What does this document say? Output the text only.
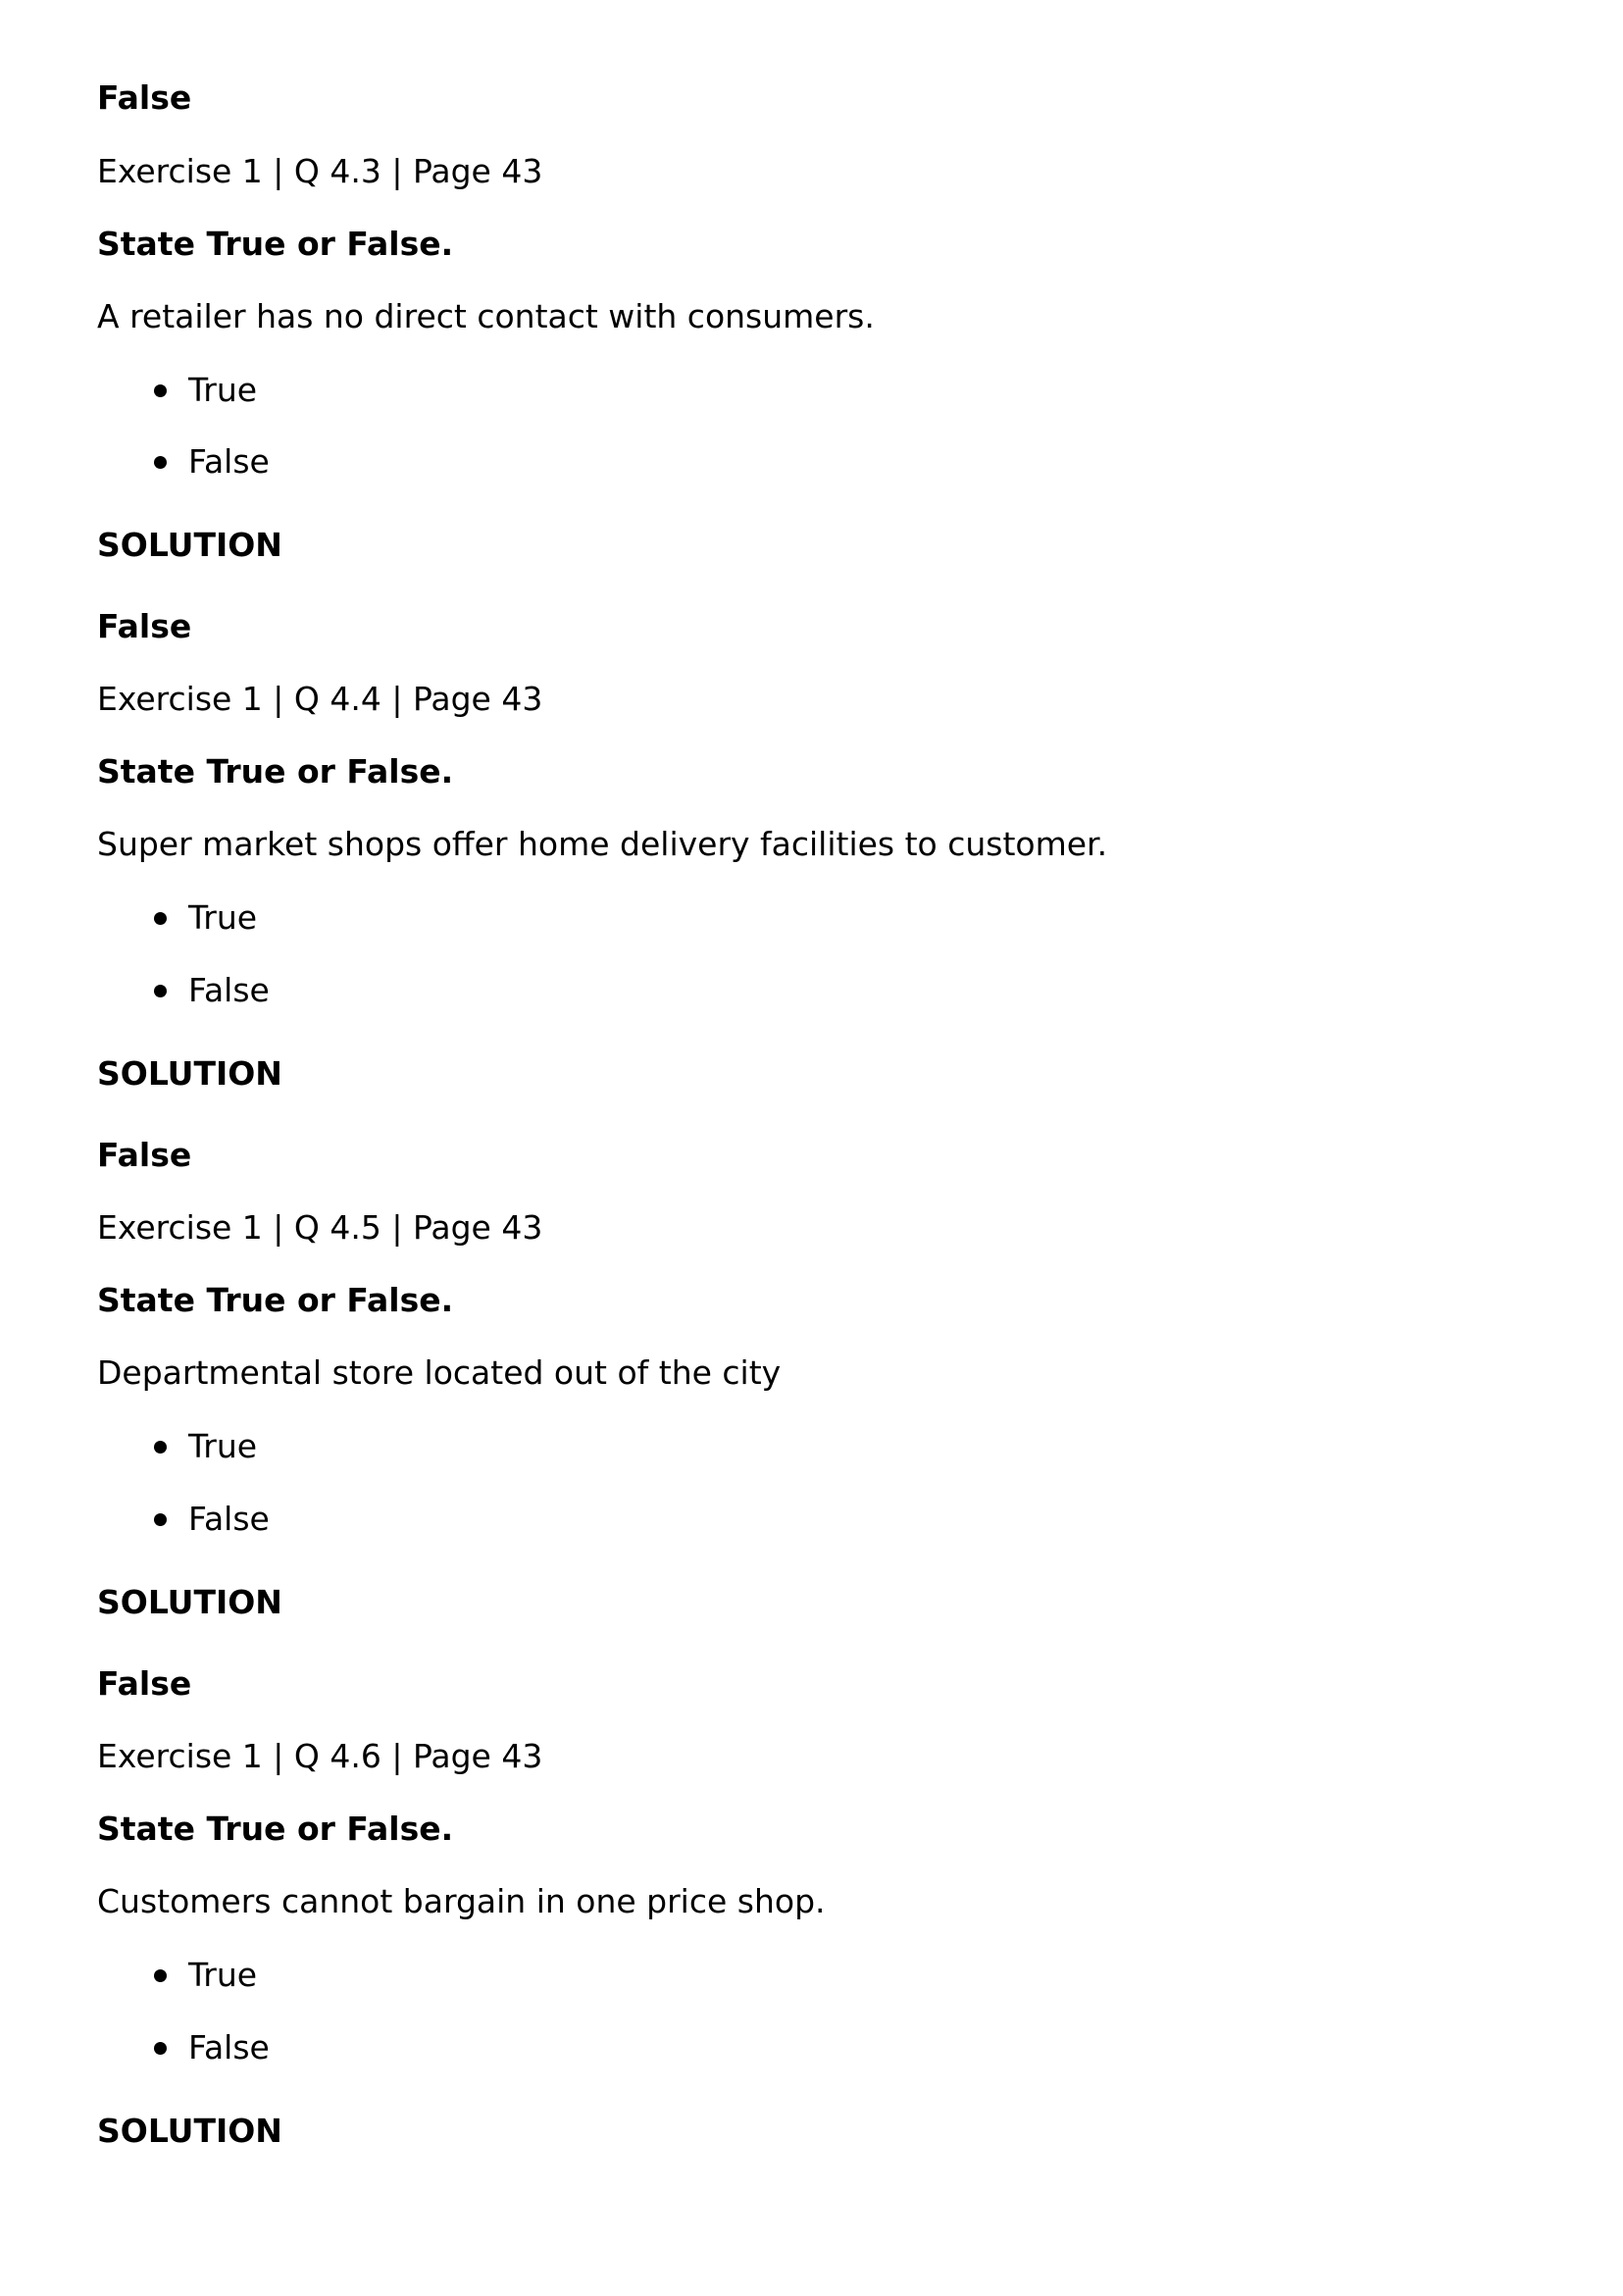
False
Exercise 1 | Q 4.3 | Page 43
State True or False.
A retailer has no direct contact with consumers.
True
False
SOLUTION
False
Exercise 1 | Q 4.4 | Page 43
State True or False.
Super market shops offer home delivery facilities to customer.
True
False
SOLUTION
False
Exercise 1 | Q 4.5 | Page 43
State True or False.
Departmental store located out of the city
True
False
SOLUTION
False
Exercise 1 | Q 4.6 | Page 43
State True or False.
Customers cannot bargain in one price shop.
True
False
SOLUTION
